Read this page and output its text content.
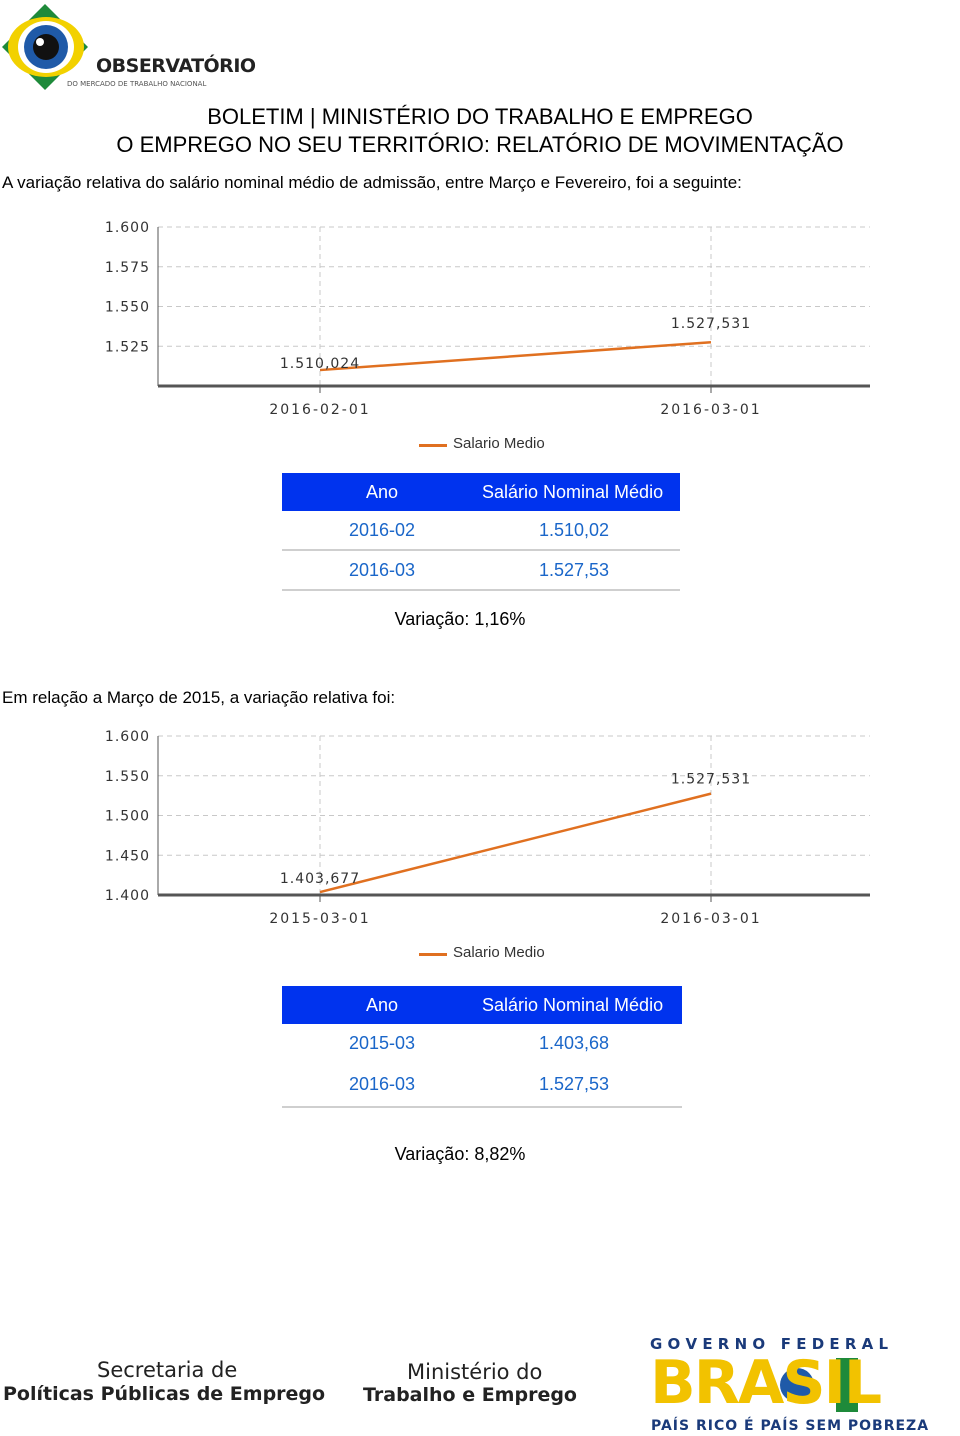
OBSERVATÓRIO
DO MERCADO DE TRABALHO NACIONAL
BOLETIM | MINISTÉRIO DO TRABALHO E EMPREGO
O EMPREGO NO SEU TERRITÓRIO: RELATÓRIO DE MOVIMENTAÇÃO
A variação relativa do salário nominal médio de admissão, entre Março e Fevereiro, foi a seguinte:
1.600
1.575
1.550
1.525
2016-02-01	2016-03-01
1.510,024
1.527,531
Salario Medio
Ano	Salário Nominal Médio
2016-02	1.510,02
2016-03	1.527,53
Variação: 1,16%
Em relação a Março de 2015, a variação relativa foi:
1.600
1.550
1.500
1.450
1.400
2015-03-01	2016-03-01
1.403,677
1.527,531
Salario Medio
Ano	Salário Nominal Médio
2015-03	1.403,68
2016-03	1.527,53
Variação: 8,82%
Secretaria de
Políticas Públicas de Emprego
Ministério do
Trabalho e Emprego
G O V E R N O   F E D E R A L
BRASIL
PAÍS RICO É PAÍS SEM POBREZA
